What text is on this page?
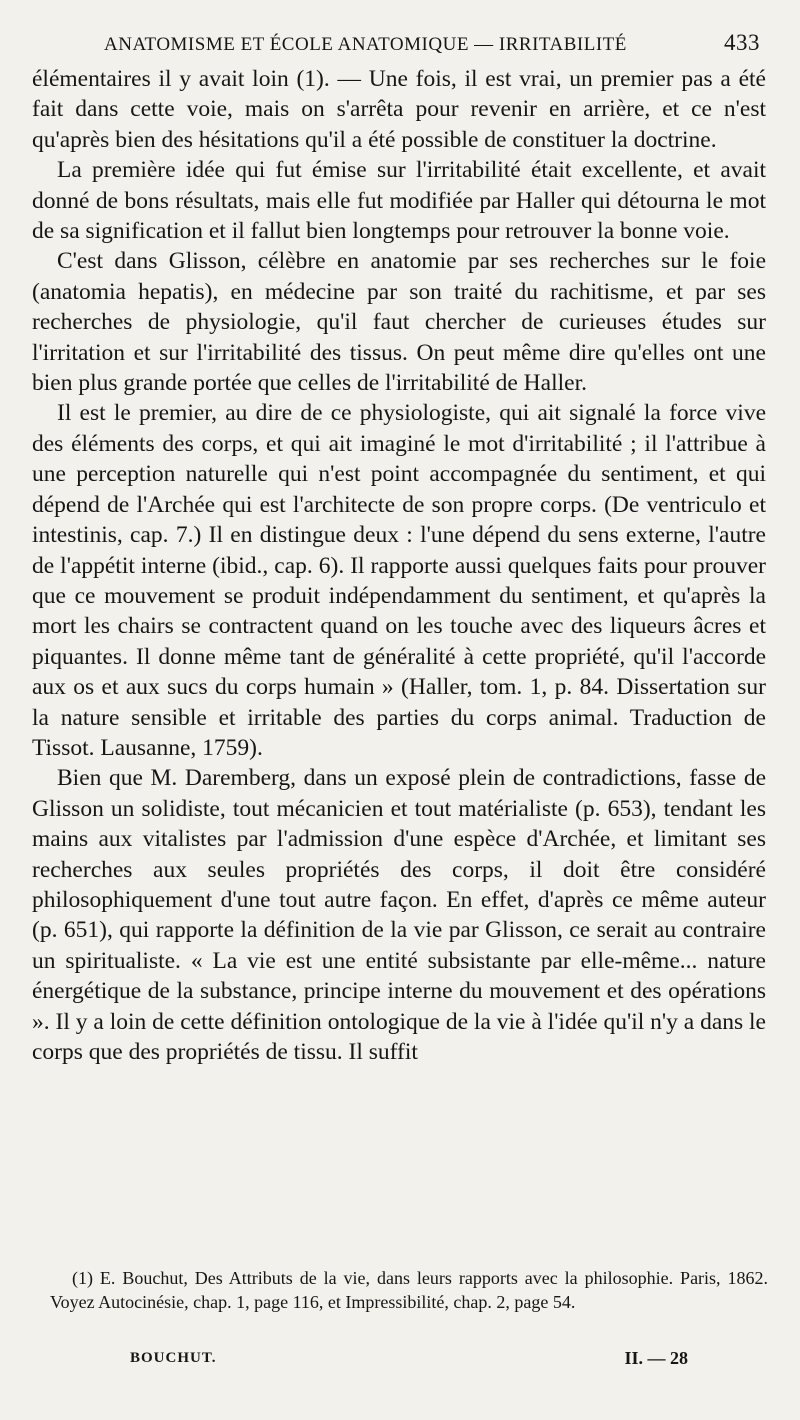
ANATOMISME ET ÉCOLE ANATOMIQUE — IRRITABILITÉ	433

élémentaires il y avait loin (1). — Une fois, il est vrai, un premier pas a été fait dans cette voie, mais on s'arrêta pour revenir en arrière, et ce n'est qu'après bien des hésitations qu'il a été possible de constituer la doctrine.

La première idée qui fut émise sur l'irritabilité était excellente, et avait donné de bons résultats, mais elle fut modifiée par Haller qui détourna le mot de sa signification et il fallut bien longtemps pour retrouver la bonne voie.

C'est dans Glisson, célèbre en anatomie par ses recherches sur le foie (anatomia hepatis), en médecine par son traité du rachitisme, et par ses recherches de physiologie, qu'il faut chercher de curieuses études sur l'irritation et sur l'irritabilité des tissus. On peut même dire qu'elles ont une bien plus grande portée que celles de l'irritabilité de Haller.

Il est le premier, au dire de ce physiologiste, qui ait signalé la force vive des éléments des corps, et qui ait imaginé le mot d'irritabilité ; il l'attribue à une perception naturelle qui n'est point accompagnée du sentiment, et qui dépend de l'Archée qui est l'architecte de son propre corps. (De ventriculo et intestinis, cap. 7.) Il en distingue deux : l'une dépend du sens externe, l'autre de l'appétit interne (ibid., cap. 6). Il rapporte aussi quelques faits pour prouver que ce mouvement se produit indépendamment du sentiment, et qu'après la mort les chairs se contractent quand on les touche avec des liqueurs âcres et piquantes. Il donne même tant de généralité à cette propriété, qu'il l'accorde aux os et aux sucs du corps humain » (Haller, tom. 1, p. 84. Dissertation sur la nature sensible et irritable des parties du corps animal. Traduction de Tissot. Lausanne, 1759).

Bien que M. Daremberg, dans un exposé plein de contradictions, fasse de Glisson un solidiste, tout mécanicien et tout matérialiste (p. 653), tendant les mains aux vitalistes par l'admission d'une espèce d'Archée, et limitant ses recherches aux seules propriétés des corps, il doit être considéré philosophiquement d'une tout autre façon. En effet, d'après ce même auteur (p. 651), qui rapporte la définition de la vie par Glisson, ce serait au contraire un spiritualiste. « La vie est une entité subsistante par elle-même... nature énergétique de la substance, principe interne du mouvement et des opérations ». Il y a loin de cette définition ontologique de la vie à l'idée qu'il n'y a dans le corps que des propriétés de tissu. Il suffit

(1) E. Bouchut, Des Attributs de la vie, dans leurs rapports avec la philosophie. Paris, 1862. Voyez Autocinésie, chap. 1, page 116, et Impressibilité, chap. 2, page 54.

BOUCHUT.	II. — 28
